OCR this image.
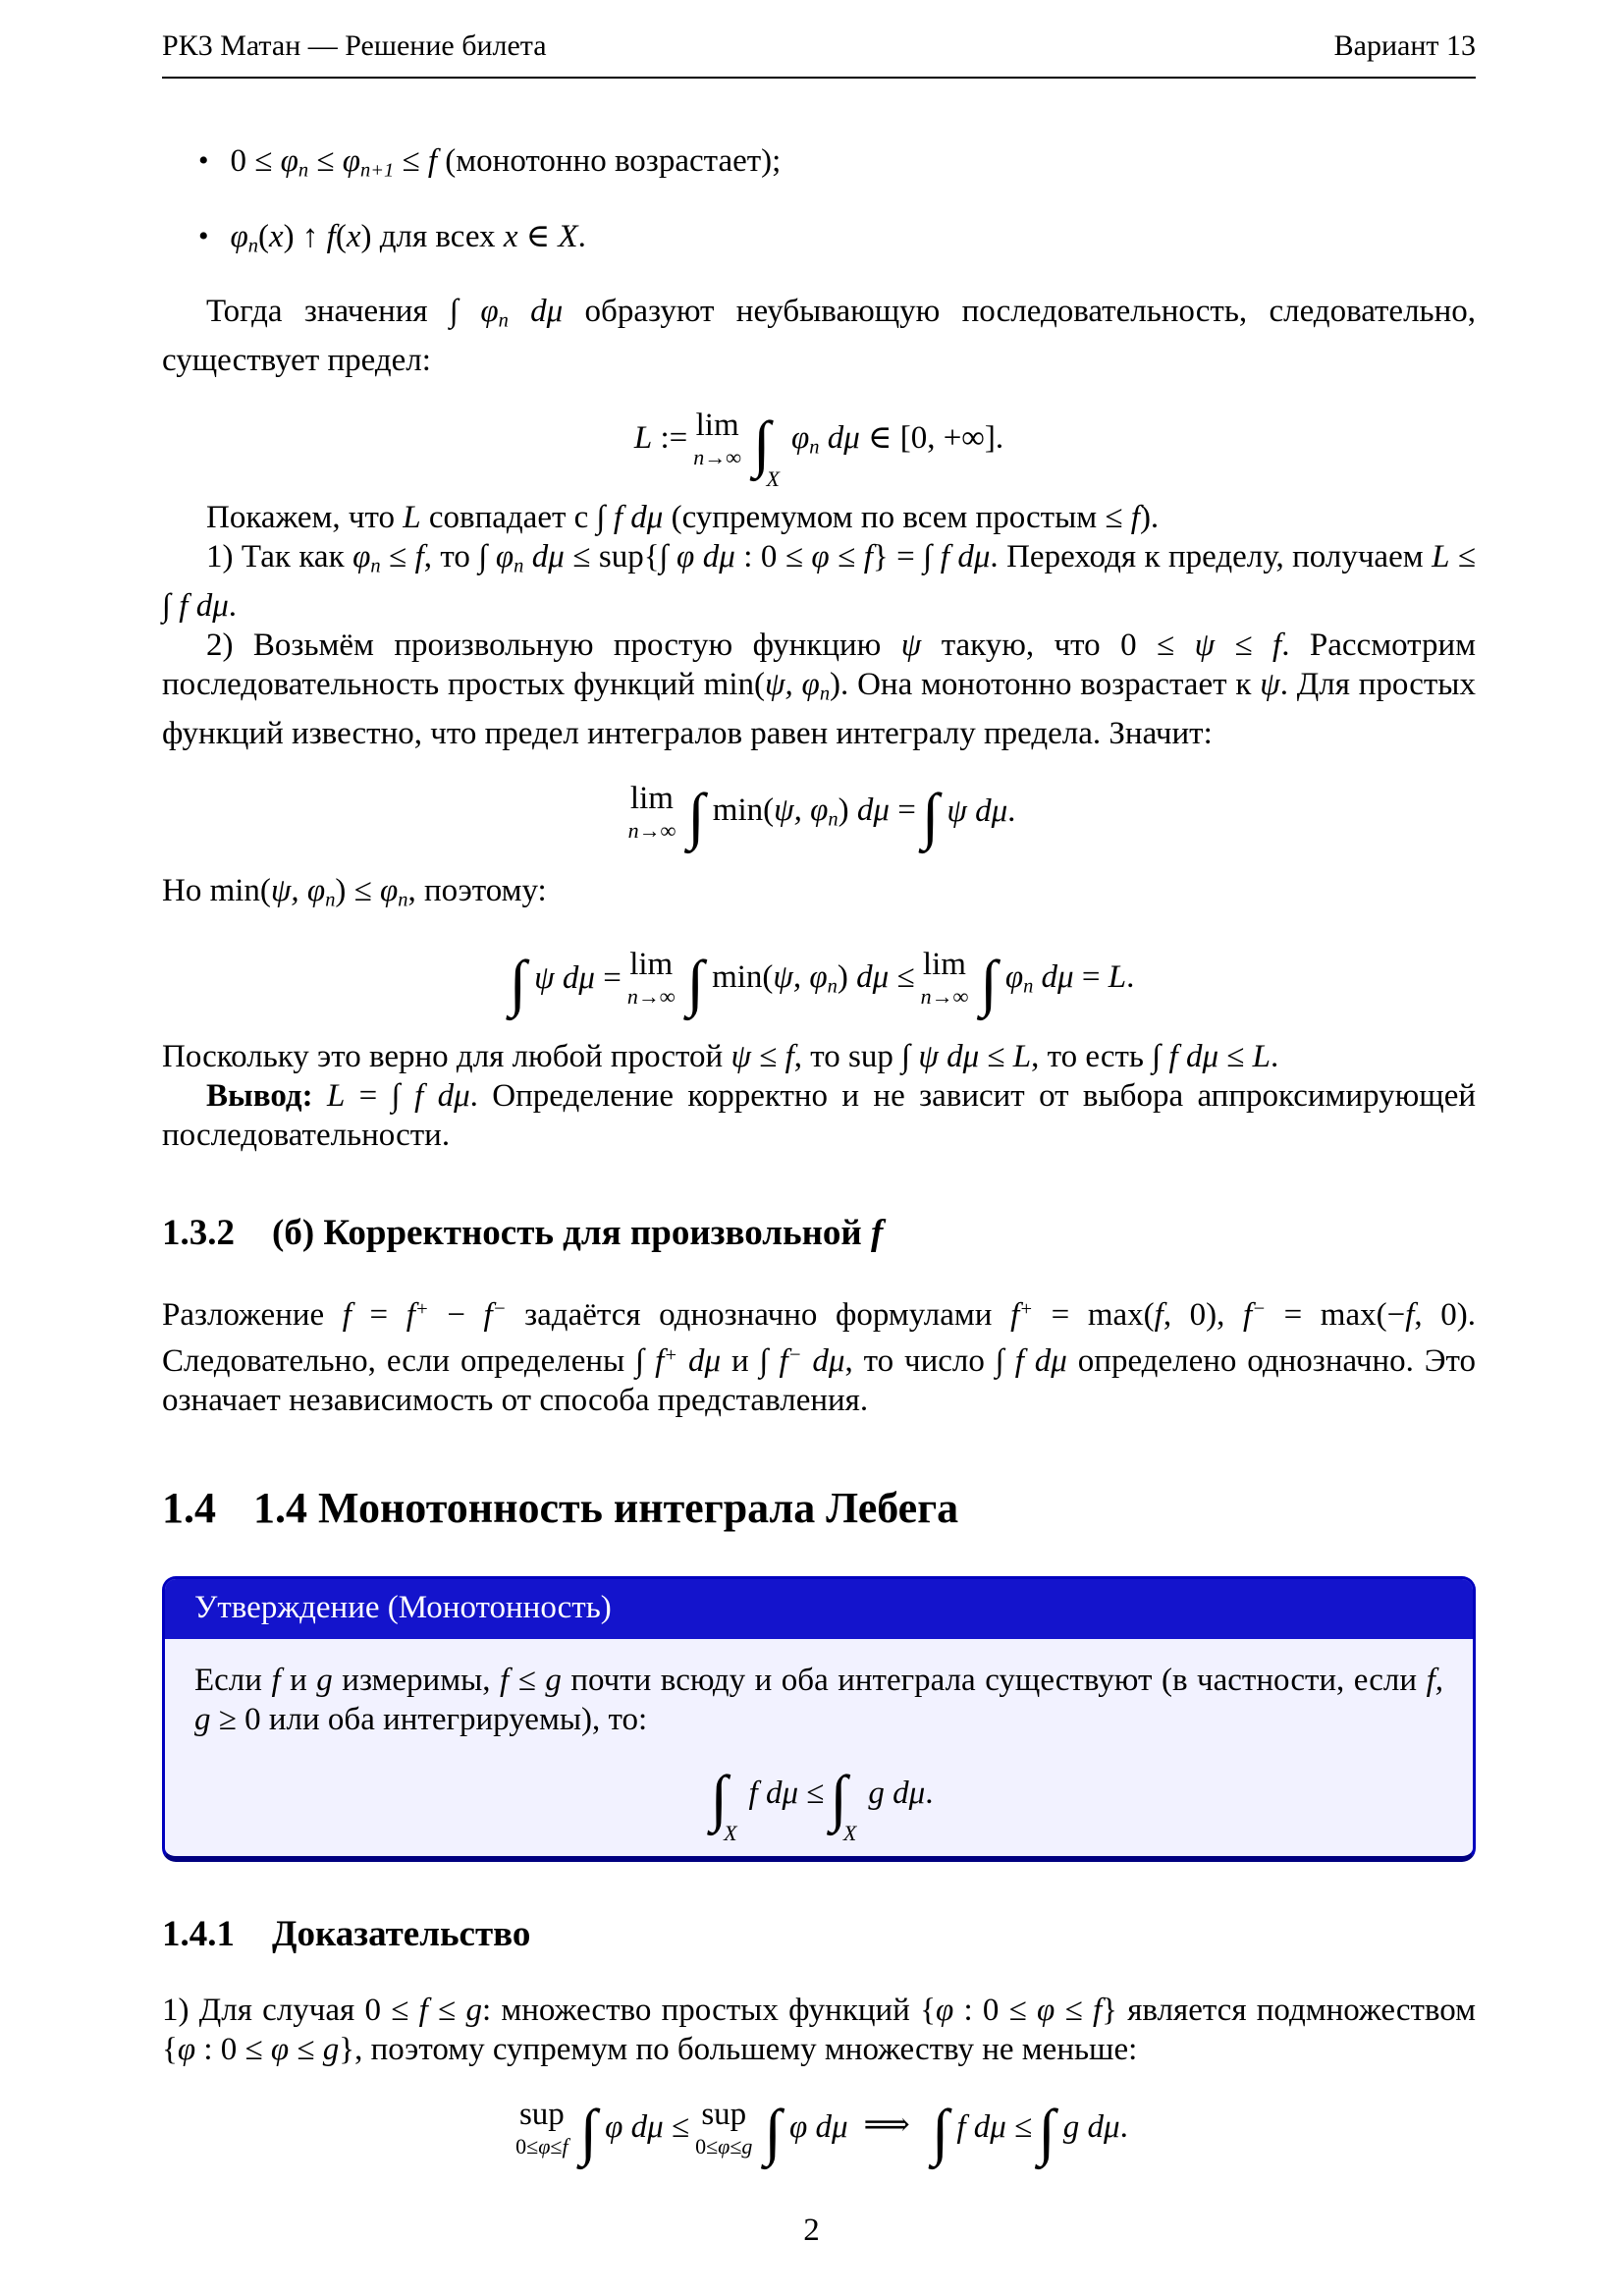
РК3 Матан — Решение билета	Вариант 13
• $0 \le \varphi_n \le \varphi_{n+1} \le f$ (монотонно возрастает);
• $\varphi_n(x)$ ↑ f(x) для всех x ∈ X.

Тогда значения ∫ $\varphi_n$ dμ образуют неубывающую последовательность, следовательно, существует предел:

L := lim
n→∞ $\int_X$
$\varphi_n$ dμ ∈ [0, +∞].

Покажем, что L совпадает с ∫ f dμ (супремумом по всем простым ≤ f).

1) Так как $\varphi_n \le f$, то ∫ $\varphi_n$ dμ ≤ sup{∫ φ dμ : 0 ≤ φ ≤ f} = ∫ f dμ. Переходя к пределу, получаем L ≤ ∫ f dμ.

2) Возьмём произвольную простую функцию ψ такую, что 0 ≤ ψ ≤ f. Рассмотрим последовательность простых функций min(ψ, $\varphi_n$). Она монотонно возрастает к ψ. Для простых функций известно, что предел интегралов равен интегралу предела. Значит:

lim
n→∞ ∫ min(ψ, $\varphi_n$) dμ = ∫ ψ dμ.

Но min(ψ, $\varphi_n) \le \varphi_n$, поэтому:

∫ ψ dμ = lim
n→∞ ∫ min(ψ, $\varphi_n$) dμ ≤ lim
n→∞ ∫ $\varphi_n$ dμ = L.

Поскольку это верно для любой простой ψ ≤ f, то sup ∫ ψ dμ ≤ L, то есть ∫ f dμ ≤ L.

Вывод: L = ∫ f dμ. Определение корректно и не зависит от выбора аппроксимирующей последовательности.

1.3.2 (б) Корректность для произвольной f

Разложение f = f+ − f− задаётся однозначно формулами f+ = max(f, 0), f− = max(−f, 0). Следовательно, если определены ∫ f+ dμ и ∫ f− dμ, то число ∫ f dμ определено однозначно. Это означает независимость от способа представления.

1.4 1.4 Монотонность интеграла Лебега
Утверждение (Монотонность)

Если f и g измеримы, f ≤ g почти всюду и оба интеграла существуют (в частности, если f, g ≥ 0 или оба интегрируемы), то:

$\int_X$
f $d\mu \le \int_X$
g dμ.
1.4.1 Доказательство

1) Для случая 0 ≤ f ≤ g: множество простых функций {φ : 0 ≤ φ ≤ f} является подмножеством {φ : 0 ≤ φ ≤ g}, поэтому супремум по большему множеству не меньше:

sup
0≤φ≤f ∫ φ dμ ≤ sup
0≤φ≤g ∫ φ dμ ⟹ ∫ f dμ ≤ ∫ g dμ.
2
